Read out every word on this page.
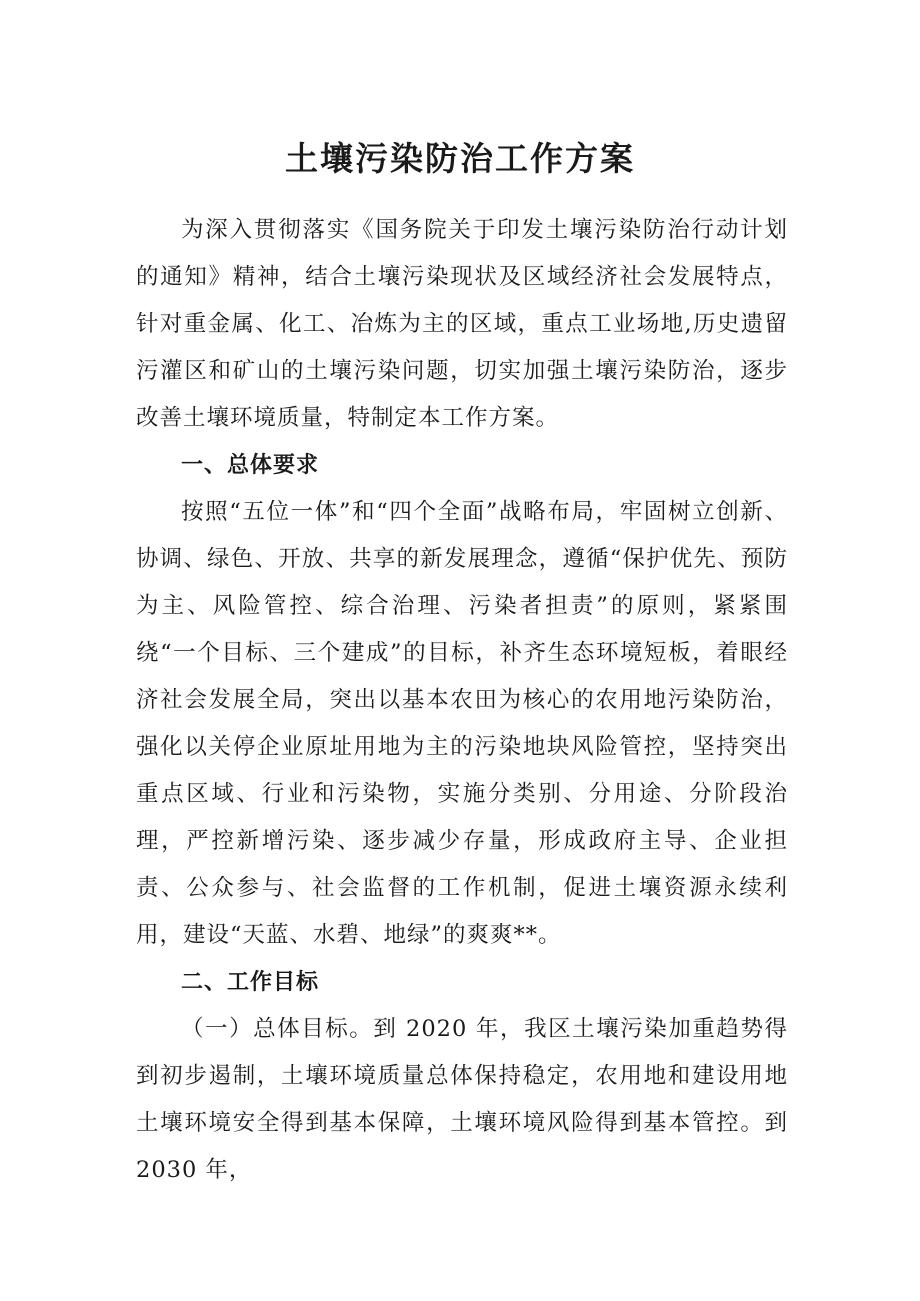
土壤污染防治工作方案

为深入贯彻落实《国务院关于印发土壤污染防治行动计划的通知》精神，结合土壤污染现状及区域经济社会发展特点，针对重金属、化工、冶炼为主的区域，重点工业场地,历史遗留污灌区和矿山的土壤污染问题，切实加强土壤污染防治，逐步改善土壤环境质量，特制定本工作方案。

一、总体要求

按照“五位一体”和“四个全面”战略布局，牢固树立创新、协调、绿色、开放、共享的新发展理念，遵循“保护优先、预防为主、风险管控、综合治理、污染者担责”的原则，紧紧围绕“一个目标、三个建成”的目标，补齐生态环境短板，着眼经济社会发展全局，突出以基本农田为核心的农用地污染防治，强化以关停企业原址用地为主的污染地块风险管控，坚持突出重点区域、行业和污染物，实施分类别、分用途、分阶段治理，严控新增污染、逐步减少存量，形成政府主导、企业担责、公众参与、社会监督的工作机制，促进土壤资源永续利用，建设“天蓝、水碧、地绿”的爽爽**。

二、工作目标

（一）总体目标。到 2020 年，我区土壤污染加重趋势得到初步遏制，土壤环境质量总体保持稳定，农用地和建设用地土壤环境安全得到基本保障，土壤环境风险得到基本管控。到 2030 年，
